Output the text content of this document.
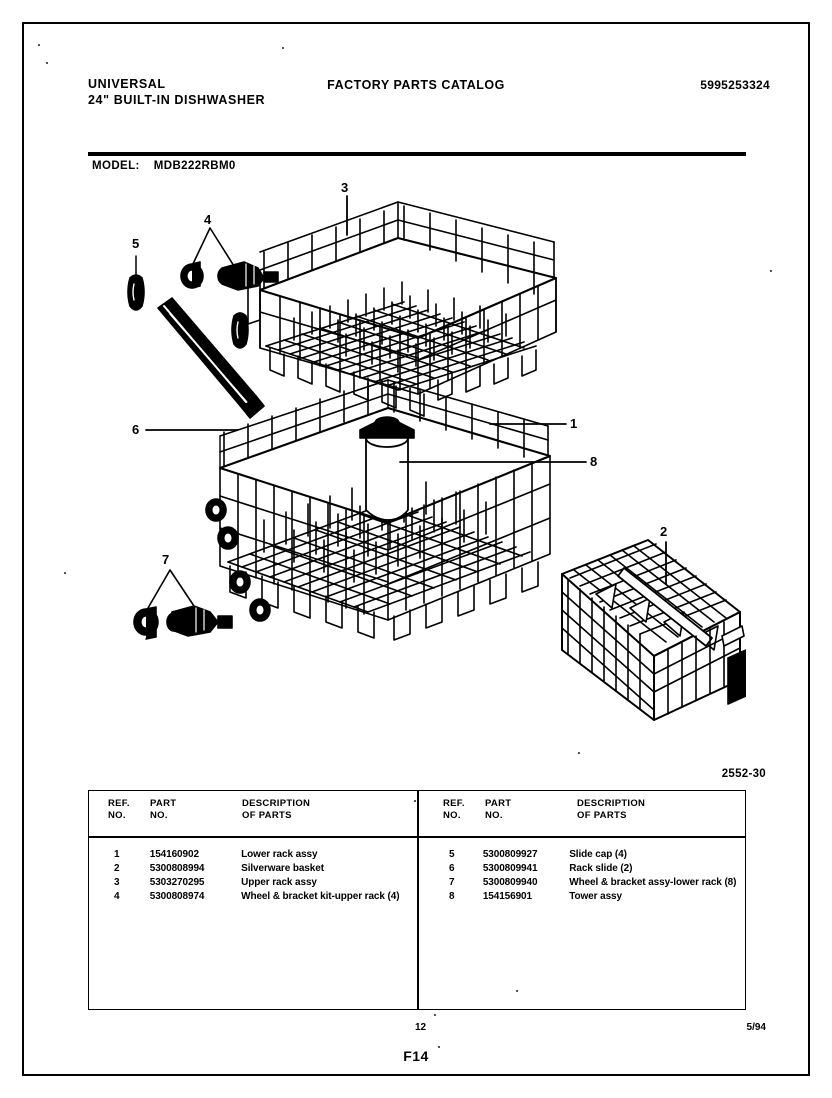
UNIVERSAL
24" BUILT-IN DISHWASHER
FACTORY PARTS CATALOG	5995253324
MODEL: MDB222RBM0
3
5
4
6	1
8
7
2
2552-30
REF.
NO.
PART
NO.
DESCRIPTION
OF PARTS
1	154160902	Lower rack assy
2	5300808994	Silverware basket
3	5303270295	Upper rack assy
4	5300808974	Wheel & bracket kit-upper rack (4)
REF.
NO.
PART
NO.
DESCRIPTION
OF PARTS
5	5300809927	Slide cap (4)
6	5300809941	Rack slide (2)
7	5300809940	Wheel & bracket assy-lower rack (8)
8	154156901	Tower assy
12	5/94
F14
